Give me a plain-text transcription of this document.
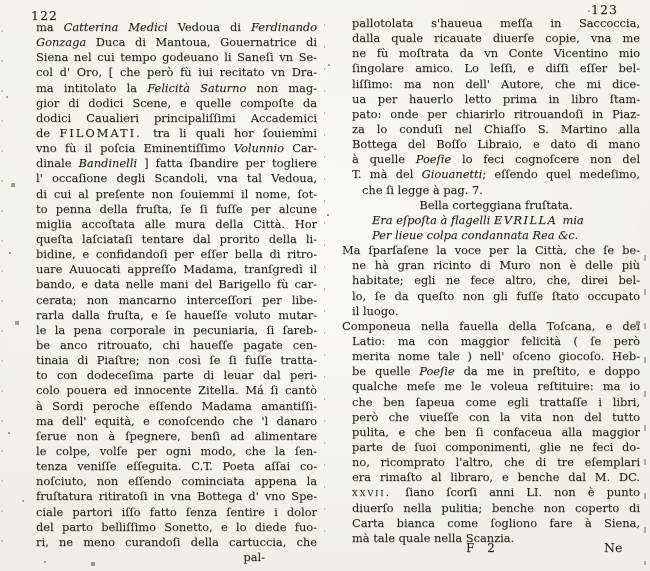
122	123
ma Catterina Medici Vedoua di Ferdinando
Gonzaga Duca di Mantoua, Gouernatrice di
Siena nel cui tempo godeuano li Saneſi vn Se-
col d' Oro, [ che però fù iui recitato vn Dra-
ma intitolato la Felicità Saturno non mag-
gior di dodici Scene, e quelle compoſte da
dodici Caualieri principaliſſimi Accademici
de FILOMATI. tra li quali hor ſouiemmi
vno fù il poſcia Eminentiſſimo Volunnio Car-
dinale Bandinelli ] fatta ſbandire per togliere
l' occaſione degli Scandoli, vna tal Vedoua,
di cui al preſente non ſouiemmi il nome, ſot-
to penna della fruſta, ſe ſi fuſſe per alcune
miglia accoſtata alle mura della Città. Hor
queſta laſciataſi tentare dal prorito della li-
bidine, e confidandoſi per eſſer bella di ritro-
uare Auuocati appreſſo Madama, tranſgredì il
bando, e data nelle mani del Barigello fù car-
cerata; non mancarno interceſſori per libe-
rarla dalla fruſta, e ſe haueſſe voluto mutar-
le la pena corporale in pecuniaria, ſi ſareb-
be anco ritrouato, chi haueſſe pagate cen-
tinaia di Piaſtre; non così ſe ſi fuſſe tratta-
to con dodeceſima parte di leuar dal peri-
colo pouera ed innocente Zitella. Má ſi cantò
à Sordi peroche eſſendo Madama amantiſſi-
ma dell' equità, e conoſcendo che 'l danaro
ſerue non à ſpegnere, benſi ad alimentare
le colpe, volſe per ogni modo, che la ſen-
tenza veniſſe eſſeguita. C.T. Poeta aſſai co-
noſciuto, non eſſendo cominciata appena la
fruſtatura ritiratoſi in vna Bottega d' vno Spe-
ciale partori iſſo fatto ſenza ſentire i dolor
del parto belliſſimo Sonetto, e lo diede fuo-
ri, ne meno curandoſi della cartuccia, che
pal-
pallotolata s'haueua meſſa in Saccoccia,
dalla quale ricauate diuerſe copie, vna me
ne fù moſtrata da vn Conte Vicentino mio
ſingolare amico. Lo leſſi, e diſſi eſſer bel-
liſſimo: ma non dell' Autore, che mi dice-
ua per hauerlo letto prima in libro ſtam-
pato: onde per chiarirlo ritrouandoſi in Piaz-
za lo conduſi nel Chiaſſo S. Martino alla
Bottega del Boſſo Libraio, e dato di mano
à quelle Poeſie lo feci cognoſcere non del
T. mà del Giouanetti; eſſendo quel medeſimo,
che ſi legge à pag. 7.
Bella corteggiana fruſtata.
Era eſpoſta à flagelli EVRILLA mia
Per lieue colpa condannata Rea &c.
Ma ſparſaſene la voce per la Città, che ſe be-
ne hà gran ricinto di Muro non è delle più
habitate; egli ne fece altro, che, direi bel-
lo, ſe da queſto non gli fuſſe ſtato occupato
il luogo.
Componeua nella fauella della Toſcana, e del
Latio: ma con maggior felicità ( ſe però
merita nome tale ) nell' oſceno giocoſo. Heb-
be quelle Poeſie da me in preſtito, e doppo
qualche meſe me le voleua reſtituire: ma io
che ben ſapeua come egli trattaſſe i libri,
però che viueſſe con la vita non del tutto
pulita, e che ben ſi confaceua alla maggior
parte de ſuoi componimenti, glie ne feci do-
no, ricomprato l'altro, che di tre eſemplari
era rimaſto al libraro, e benche dal M. DC.
xxvii. ſiano ſcorſi anni LI. non è punto
diuerſo nella pulitia; benche non coperto di
Carta bianca come ſogliono fare à Siena,
mà tale quale nella Scanzia.
F 2	Ne
